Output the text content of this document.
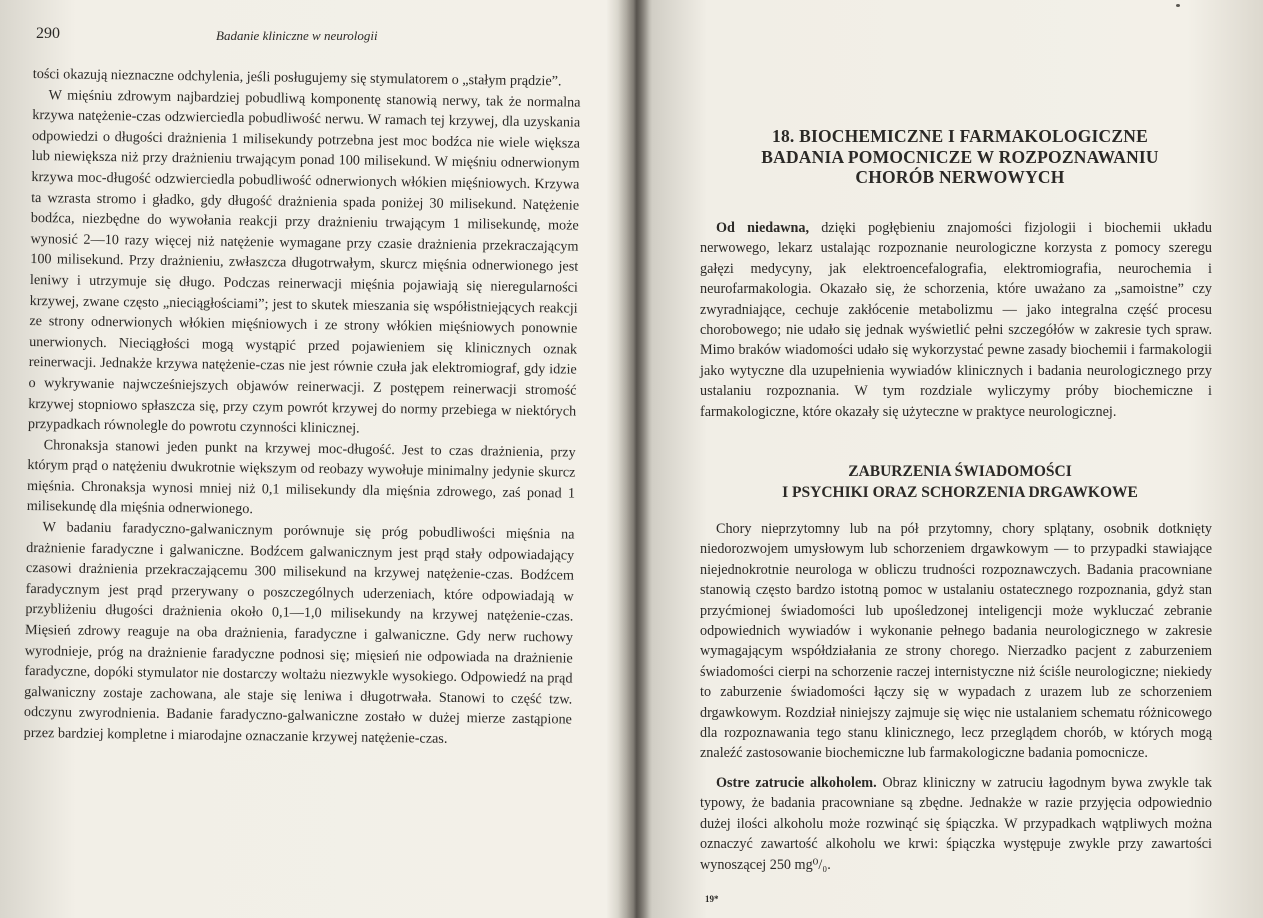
290	Badanie kliniczne w neurologii

tości okazują nieznaczne odchylenia, jeśli posługujemy się stymulatorem o „stałym prądzie”.

W mięśniu zdrowym najbardziej pobudliwą komponentę stanowią nerwy, tak że normalna krzywa natężenie-czas odzwierciedla pobudliwość nerwu. W ramach tej krzywej, dla uzyskania odpowiedzi o długości drażnienia 1 milisekundy potrzebna jest moc bodźca nie wiele większa lub niewiększa niż przy drażnieniu trwającym ponad 100 milisekund. W mięśniu odnerwionym krzywa moc-długość odzwierciedla pobudliwość odnerwionych włókien mięśniowych. Krzywa ta wzrasta stromo i gładko, gdy długość drażnienia spada poniżej 30 milisekund. Natężenie bodźca, niezbędne do wywołania reakcji przy drażnieniu trwającym 1 milisekundę, może wynosić 2—10 razy więcej niż natężenie wymagane przy czasie drażnienia przekraczającym 100 milisekund. Przy drażnieniu, zwłaszcza długotrwałym, skurcz mięśnia odnerwionego jest leniwy i utrzymuje się długo. Podczas reinerwacji mięśnia pojawiają się nieregularności krzywej, zwane często „nieciągłościami”; jest to skutek mieszania się współistniejących reakcji ze strony odnerwionych włókien mięśniowych i ze strony włókien mięśniowych ponownie unerwionych. Nieciągłości mogą wystąpić przed pojawieniem się klinicznych oznak reinerwacji. Jednakże krzywa natężenie-czas nie jest równie czuła jak elektromiograf, gdy idzie o wykrywanie najwcześniejszych objawów reinerwacji. Z postępem reinerwacji stromość krzywej stopniowo spłaszcza się, przy czym powrót krzywej do normy przebiega w niektórych przypadkach równolegle do powrotu czynności klinicznej.

Chronaksja stanowi jeden punkt na krzywej moc-długość. Jest to czas drażnienia, przy którym prąd o natężeniu dwukrotnie większym od reobazy wywołuje minimalny jedynie skurcz mięśnia. Chronaksja wynosi mniej niż 0,1 milisekundy dla mięśnia zdrowego, zaś ponad 1 milisekundę dla mięśnia odnerwionego.

W badaniu faradyczno-galwanicznym porównuje się próg pobudliwości mięśnia na drażnienie faradyczne i galwaniczne. Bodźcem galwanicznym jest prąd stały odpowiadający czasowi drażnienia przekraczającemu 300 milisekund na krzywej natężenie-czas. Bodźcem faradycznym jest prąd przerywany o poszczególnych uderzeniach, które odpowiadają w przybliżeniu długości drażnienia około 0,1—1,0 milisekundy na krzywej natężenie-czas. Mięsień zdrowy reaguje na oba drażnienia, faradyczne i galwaniczne. Gdy nerw ruchowy wyrodnieje, próg na drażnienie faradyczne podnosi się; mięsień nie odpowiada na drażnienie faradyczne, dopóki stymulator nie dostarczy woltażu niezwykle wysokiego. Odpowiedź na prąd galwaniczny zostaje zachowana, ale staje się leniwa i długotrwała. Stanowi to część tzw. odczynu zwyrodnienia. Badanie faradyczno-galwaniczne zostało w dużej mierze zastąpione przez bardziej kompletne i miarodajne oznaczanie krzywej natężenie-czas.

18. BIOCHEMICZNE I FARMAKOLOGICZNE
BADANIA POMOCNICZE W ROZPOZNAWANIU
CHORÓB NERWOWYCH

Od niedawna, dzięki pogłębieniu znajomości fizjologii i biochemii układu nerwowego, lekarz ustalając rozpoznanie neurologiczne korzysta z pomocy szeregu gałęzi medycyny, jak elektroencefalografia, elektromiografia, neurochemia i neurofarmakologia. Okazało się, że schorzenia, które uważano za „samoistne” czy zwyradniające, cechuje zakłócenie metabolizmu — jako integralna część procesu chorobowego; nie udało się jednak wyświetlić pełni szczegółów w zakresie tych spraw. Mimo braków wiadomości udało się wykorzystać pewne zasady biochemii i farmakologii jako wytyczne dla uzupełnienia wywiadów klinicznych i badania neurologicznego przy ustalaniu rozpoznania. W tym rozdziale wyliczymy próby biochemiczne i farmakologiczne, które okazały się użyteczne w praktyce neurologicznej.

ZABURZENIA ŚWIADOMOŚCI
I PSYCHIKI ORAZ SCHORZENIA DRGAWKOWE

Chory nieprzytomny lub na pół przytomny, chory splątany, osobnik dotknięty niedorozwojem umysłowym lub schorzeniem drgawkowym — to przypadki stawiające niejednokrotnie neurologa w obliczu trudności rozpoznawczych. Badania pracowniane stanowią często bardzo istotną pomoc w ustalaniu ostatecznego rozpoznania, gdyż stan przyćmionej świadomości lub upośledzonej inteligencji może wykluczać zebranie odpowiednich wywiadów i wykonanie pełnego badania neurologicznego w zakresie wymagającym współdziałania ze strony chorego. Nierzadko pacjent z zaburzeniem świadomości cierpi na schorzenie raczej internistyczne niż ściśle neurologiczne; niekiedy to zaburzenie świadomości łączy się w wypadach z urazem lub ze schorzeniem drgawkowym. Rozdział niniejszy zajmuje się więc nie ustalaniem schematu różnicowego dla rozpoznawania tego stanu klinicznego, lecz przeglądem chorób, w których mogą znaleźć zastosowanie biochemiczne lub farmakologiczne badania pomocnicze.

Ostre zatrucie alkoholem. Obraz kliniczny w zatruciu łagodnym bywa zwykle tak typowy, że badania pracowniane są zbędne. Jednakże w razie przyjęcia odpowiednio dużej ilości alkoholu może rozwinąć się śpiączka. W przypadkach wątpliwych można oznaczyć zawartość alkoholu we krwi: śpiączka występuje zwykle przy zawartości wynoszącej 250 mg⁰/₀.

19*
